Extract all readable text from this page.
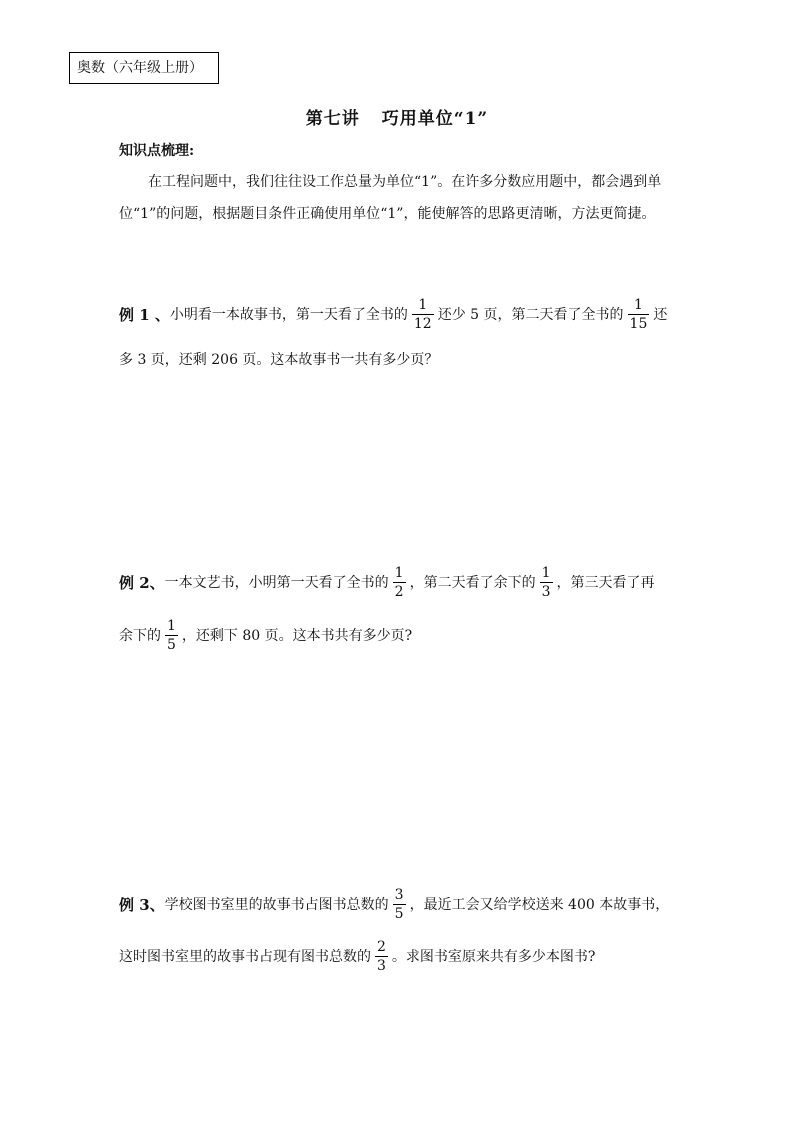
奥数（六年级上册）
第七讲 巧用单位“1”
知识点梳理:
在工程问题中，我们往往设工作总量为单位“1”。在许多分数应用题中，都会遇到单位“1”的问题，根据题目条件正确使用单位“1”，能使解答的思路更清晰，方法更简捷。
例 1 、 小明看一本故事书，第一天看了全书的 $\frac{1}{12}$ 还少 5 页，第二天看了全书的 $\frac{1}{15}$ 还
多 3 页，还剩 206 页。这本故事书一共有多少页？
例 2、 一本文艺书，小明第一天看了全书的 $\frac{1}{2}$ ，第二天看了余下的 $\frac{1}{3}$ ，第三天看了再
余下的 $\frac{1}{5}$ ，还剩下 80 页。这本书共有多少页?
例 3、 学校图书室里的故事书占图书总数的 $\frac{3}{5}$ ，最近工会又给学校送来 400 本故事书，
这时图书室里的故事书占现有图书总数的 $\frac{2}{3}$ 。求图书室原来共有多少本图书?
